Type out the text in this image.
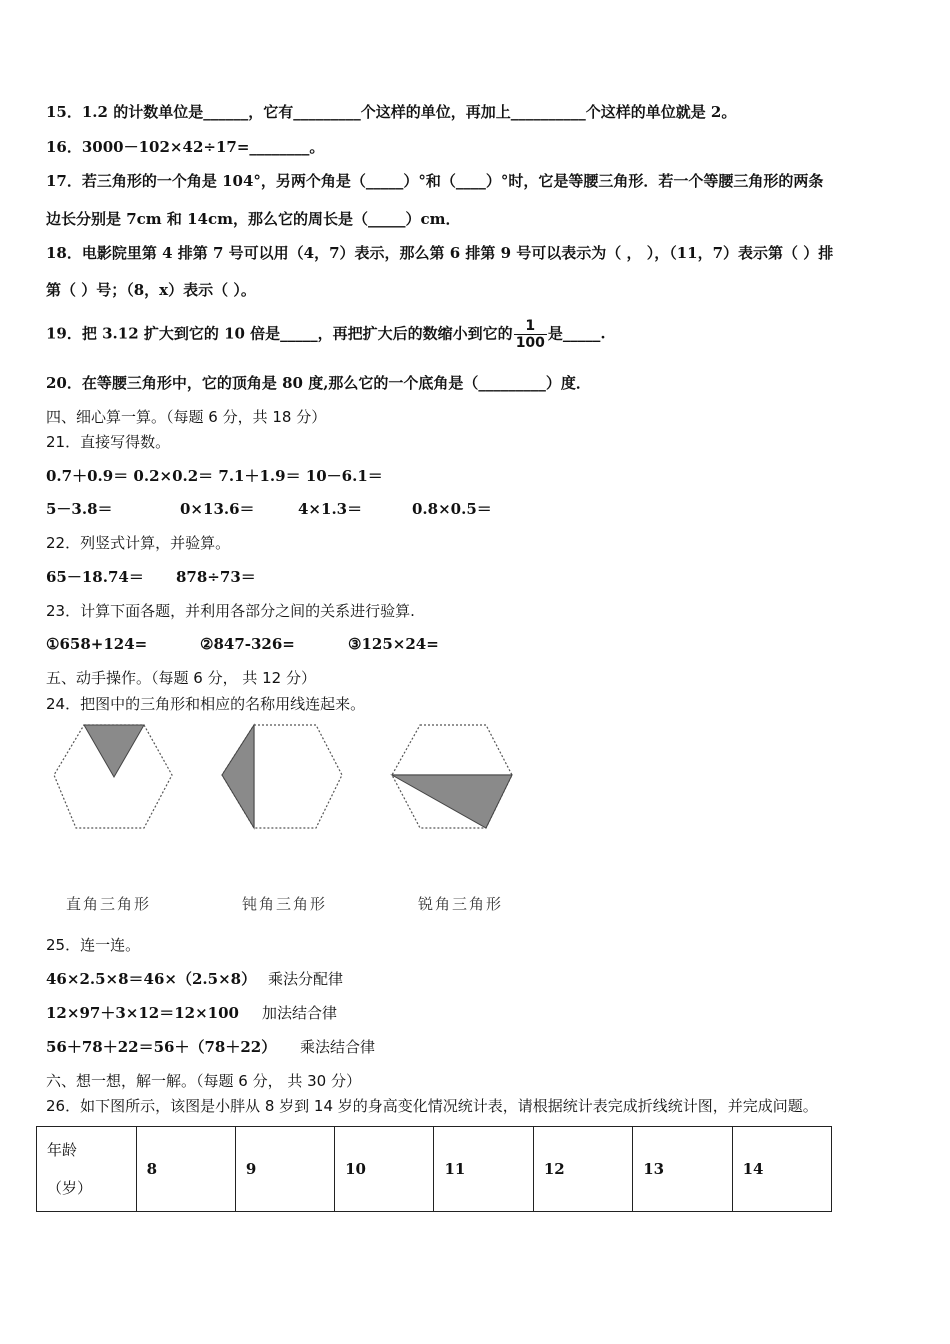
15．1.2 的计数单位是______，它有_________个这样的单位，再加上__________个这样的单位就是 2。
16．3000－102×42÷17=________。
17．若三角形的一个角是 104°，另两个角是（_____）°和（____）°时，它是等腰三角形．若一个等腰三角形的两条
边长分别是 7cm 和 14cm，那么它的周长是（_____）cm．
18．电影院里第 4 排第 7 号可以用（4，7）表示，那么第 6 排第 9 号可以表示为（ ， ），（11，7）表示第（ ）排
第（ ）号；（8，x）表示（ ）。
19．把 3.12 扩大到它的 10 倍是_____，再把扩大后的数缩小到它的 $\frac{1}{100}$ 是_____.
20．在等腰三角形中，它的顶角是 80 度,那么它的一个底角是（_________）度．
四、细心算一算。（每题 6 分，共 18 分）
21．直接写得数。
0.7＋0.9＝ 0.2×0.2＝ 7.1＋1.9＝ 10－6.1＝
5－3.8＝	0×13.6＝	4×1.3＝	0.8×0.5＝
22．列竖式计算，并验算。
65－18.74＝ 878÷73＝
23．计算下面各题，并利用各部分之间的关系进行验算.
①658+124=	②847-326=	③125×24=
五、动手操作。（每题 6 分， 共 12 分）
24．把图中的三角形和相应的名称用线连起来。
直角三角形	钝角三角形	锐角三角形
25．连一连。
46×2.5×8＝46×（2.5×8） 乘法分配律
12×97＋3×12＝12×100 加法结合律
56＋78＋22＝56＋（78＋22） 乘法结合律
六、想一想，解一解。（每题 6 分， 共 30 分）
26．如下图所示，该图是小胖从 8 岁到 14 岁的身高变化情况统计表，请根据统计表完成折线统计图，并完成问题。
年龄
（岁）
	8	9	10	11	12	13	14
